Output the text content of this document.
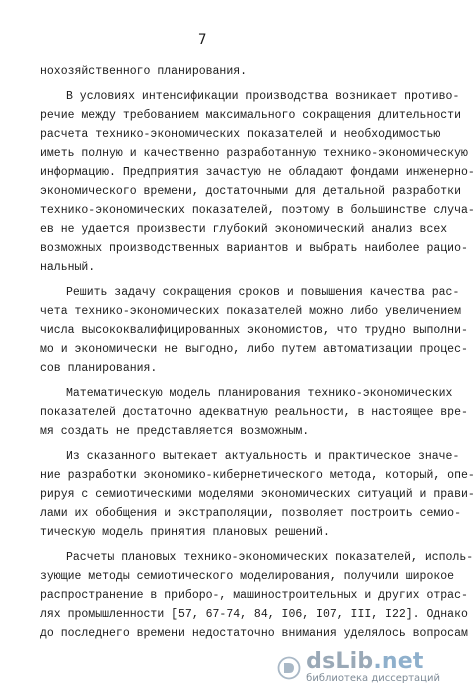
7
нохозяйственного планирования.
В условиях интенсификации производства возникает противо-
речие между требованием максимального сокращения длительности
расчета технико-экономических показателей и необходимостью
иметь полную и качественно разработанную технико-экономическую
информацию. Предприятия зачастую не обладают фондами инженерно-
экономического времени, достаточными для детальной разработки
технико-экономических показателей, поэтому в большинстве случа-
ев не удается произвести глубокий экономический анализ всех
возможных производственных вариантов и выбрать наиболее рацио-
нальный.
Решить задачу сокращения сроков и повышения качества рас-
чета технико-экономических показателей можно либо увеличением
числа высококвалифицированных экономистов, что трудно выполни-
мо и экономически не выгодно, либо путем автоматизации процес-
сов планирования.
Математическую модель планирования технико-экономических
показателей достаточно адекватную реальности, в настоящее вре-
мя создать не представляется возможным.
Из сказанного вытекает актуальность и практическое значе-
ние разработки экономико-кибернетического метода, который, опе-
рируя с семиотическими моделями экономических ситуаций и прави-
лами их обобщения и экстраполяции, позволяет построить семио-
тическую модель принятия плановых решений.
Расчеты плановых технико-экономических показателей, исполь-
зующие методы семиотического моделирования, получили широкое
распространение в приборо-, машиностроительных и других отрас-
лях промышленности [57, 67-74, 84, I06, I07, III, I22]. Однако
до последнего времени недостаточно внимания уделялось вопросам
dsLib.net
библиотека диссертаций
